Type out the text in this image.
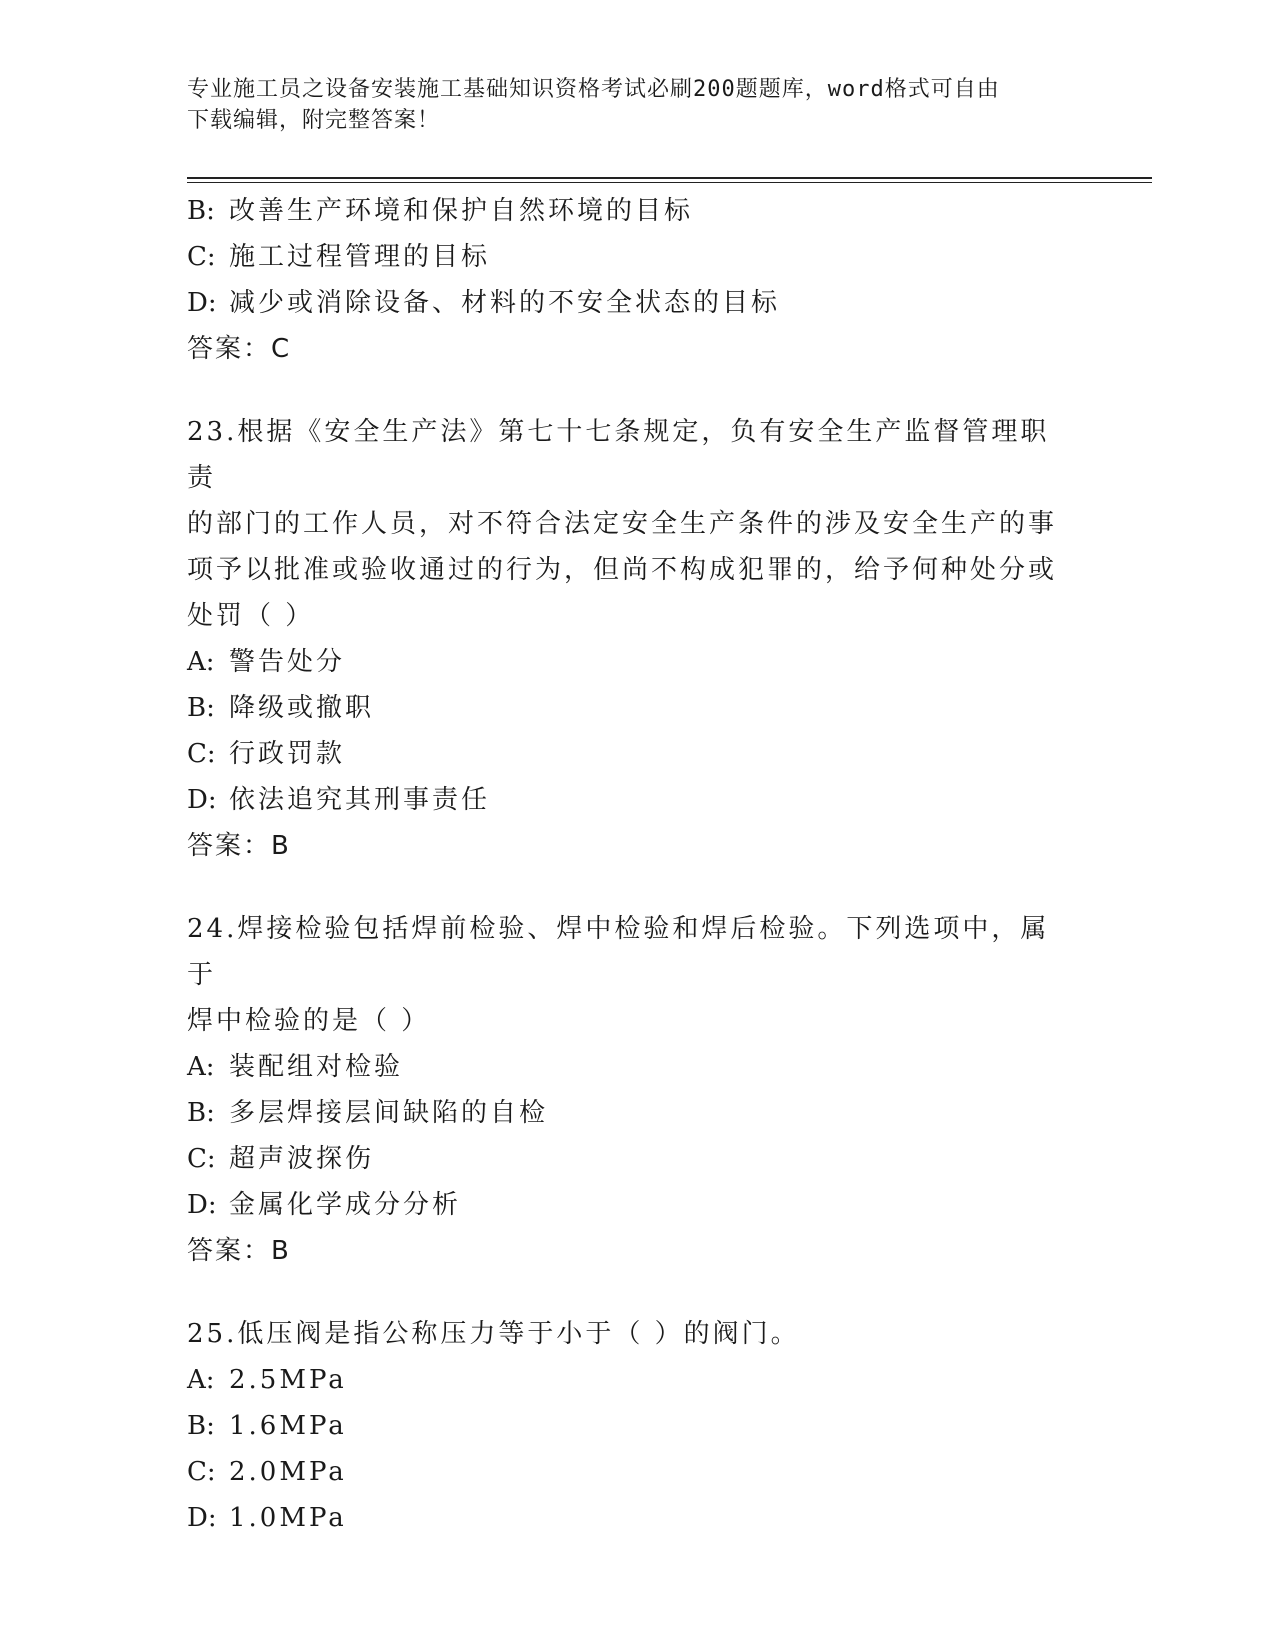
专业施工员之设备安装施工基础知识资格考试必刷200题题库，word格式可自由
下载编辑，附完整答案！
B: 改善生产环境和保护自然环境的目标
C: 施工过程管理的目标
D: 减少或消除设备、材料的不安全状态的目标
答案：C
23.根据《安全生产法》第七十七条规定，负有安全生产监督管理职责
的部门的工作人员，对不符合法定安全生产条件的涉及安全生产的事
项予以批准或验收通过的行为，但尚不构成犯罪的，给予何种处分或
处罚（ ）
A: 警告处分
B: 降级或撤职
C: 行政罚款
D: 依法追究其刑事责任
答案：B
24.焊接检验包括焊前检验、焊中检验和焊后检验。下列选项中，属于
焊中检验的是（ ）
A: 装配组对检验
B: 多层焊接层间缺陷的自检
C: 超声波探伤
D: 金属化学成分分析
答案：B
25.低压阀是指公称压力等于小于（ ）的阀门。
A: 2.5MPa
B: 1.6MPa
C: 2.0MPa
D: 1.0MPa
